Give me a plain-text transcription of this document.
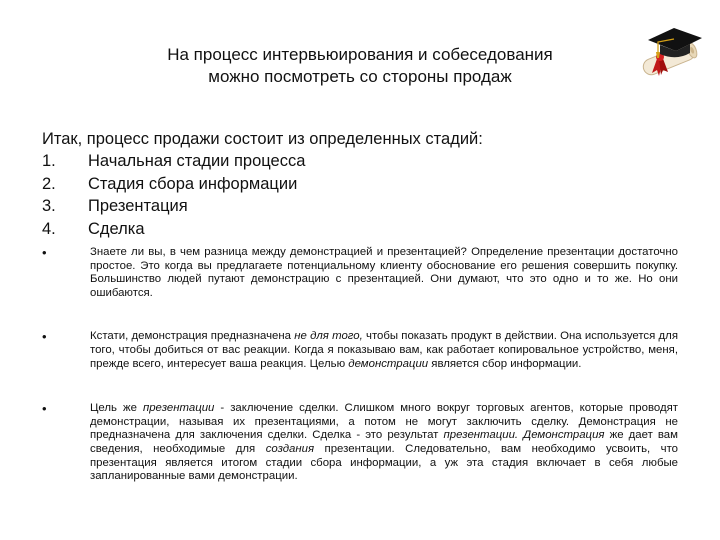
На процесс интервьюирования и собеседования
можно посмотреть со стороны продаж
Итак, процесс продажи состоит из определенных стадий:
1.	Начальная стадии процесса
2.	Стадия сбора информации
3.	Презентация
4.	Сделка
•	Знаете ли вы, в чем разница между демонстрацией и презентацией? Определение презентации достаточно простое. Это когда вы предлагаете потенциальному клиенту обоснование его решения совершить покупку. Большинство людей путают демонстрацию с презентацией. Они думают, что это одно и то же. Но они ошибаются.
•	Кстати, демонстрация предназначена не для того, чтобы показать продукт в действии. Она используется для того, чтобы добиться от вас реакции. Когда я показываю вам, как работает копировальное устройство, меня, прежде всего, интересует ваша реакция. Целью демонстрации является сбор информации.
•	Цель же презентации - заключение сделки. Слишком много вокруг торговых агентов, которые проводят демонстрации, называя их презентациями, а потом не могут заключить сделку. Демонстрация не предназначена для заключения сделки. Сделка - это результат презентации. Демонстрация же дает вам сведения, необходимые для создания презентации. Следовательно, вам необходимо усвоить, что презентация является итогом стадии сбора информации, а уж эта стадия включает в себя любые запланированные вами демонстрации.
